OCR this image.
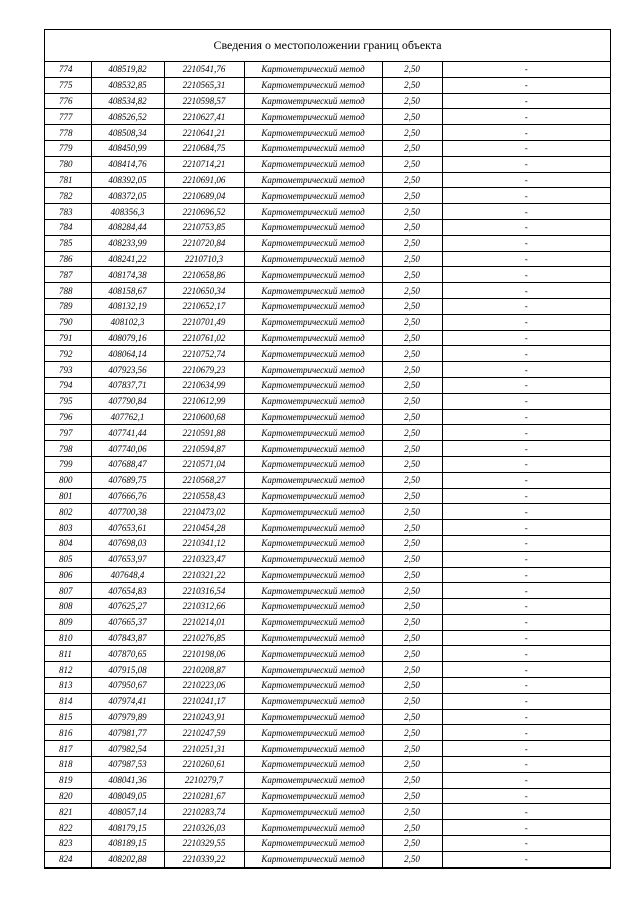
Сведения о местоположении границ объекта
774	408519,82	2210541,76	Картометрический метод	2,50	-
775	408532,85	2210565,31	Картометрический метод	2,50	-
776	408534,82	2210598,57	Картометрический метод	2,50	-
777	408526,52	2210627,41	Картометрический метод	2,50	-
778	408508,34	2210641,21	Картометрический метод	2,50	-
779	408450,99	2210684,75	Картометрический метод	2,50	-
780	408414,76	2210714,21	Картометрический метод	2,50	-
781	408392,05	2210691,06	Картометрический метод	2,50	-
782	408372,05	2210689,04	Картометрический метод	2,50	-
783	408356,3	2210696,52	Картометрический метод	2,50	-
784	408284,44	2210753,85	Картометрический метод	2,50	-
785	408233,99	2210720,84	Картометрический метод	2,50	-
786	408241,22	2210710,3	Картометрический метод	2,50	-
787	408174,38	2210658,86	Картометрический метод	2,50	-
788	408158,67	2210650,34	Картометрический метод	2,50	-
789	408132,19	2210652,17	Картометрический метод	2,50	-
790	408102,3	2210701,49	Картометрический метод	2,50	-
791	408079,16	2210761,02	Картометрический метод	2,50	-
792	408064,14	2210752,74	Картометрический метод	2,50	-
793	407923,56	2210679,23	Картометрический метод	2,50	-
794	407837,71	2210634,99	Картометрический метод	2,50	-
795	407790,84	2210612,99	Картометрический метод	2,50	-
796	407762,1	2210600,68	Картометрический метод	2,50	-
797	407741,44	2210591,88	Картометрический метод	2,50	-
798	407740,06	2210594,87	Картометрический метод	2,50	-
799	407688,47	2210571,04	Картометрический метод	2,50	-
800	407689,75	2210568,27	Картометрический метод	2,50	-
801	407666,76	2210558,43	Картометрический метод	2,50	-
802	407700,38	2210473,02	Картометрический метод	2,50	-
803	407653,61	2210454,28	Картометрический метод	2,50	-
804	407698,03	2210341,12	Картометрический метод	2,50	-
805	407653,97	2210323,47	Картометрический метод	2,50	-
806	407648,4	2210321,22	Картометрический метод	2,50	-
807	407654,83	2210316,54	Картометрический метод	2,50	-
808	407625,27	2210312,66	Картометрический метод	2,50	-
809	407665,37	2210214,01	Картометрический метод	2,50	-
810	407843,87	2210276,85	Картометрический метод	2,50	-
811	407870,65	2210198,06	Картометрический метод	2,50	-
812	407915,08	2210208,87	Картометрический метод	2,50	-
813	407950,67	2210223,06	Картометрический метод	2,50	-
814	407974,41	2210241,17	Картометрический метод	2,50	-
815	407979,89	2210243,91	Картометрический метод	2,50	-
816	407981,77	2210247,59	Картометрический метод	2,50	-
817	407982,54	2210251,31	Картометрический метод	2,50	-
818	407987,53	2210260,61	Картометрический метод	2,50	-
819	408041,36	2210279,7	Картометрический метод	2,50	-
820	408049,05	2210281,67	Картометрический метод	2,50	-
821	408057,14	2210283,74	Картометрический метод	2,50	-
822	408179,15	2210326,03	Картометрический метод	2,50	-
823	408189,15	2210329,55	Картометрический метод	2,50	-
824	408202,88	2210339,22	Картометрический метод	2,50	-
